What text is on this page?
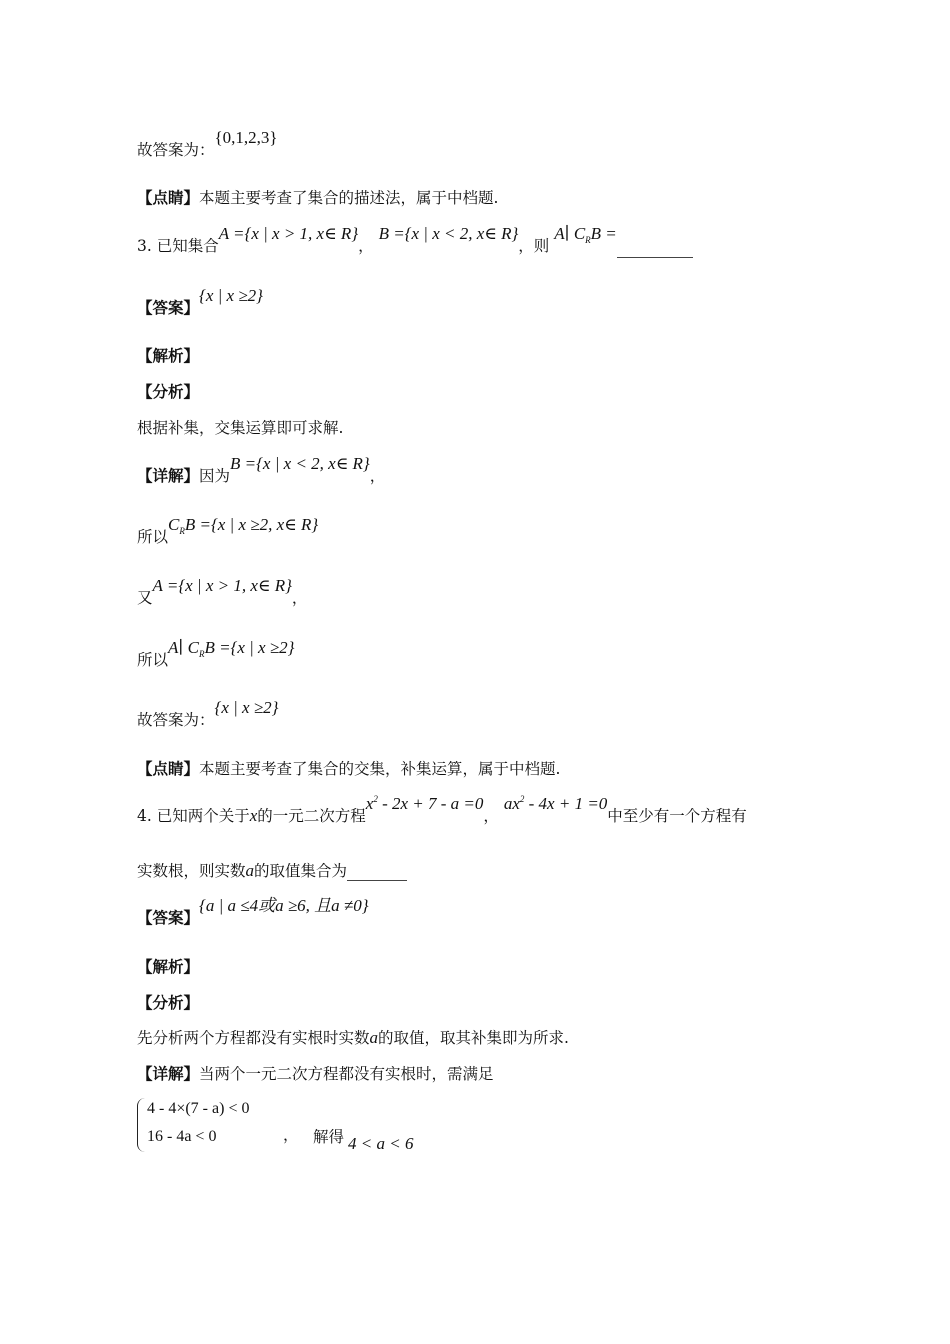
故答案为：{0,1,2,3}
【点睛】本题主要考查了集合的描述法，属于中档题.
3. 已知集合A ={x | x > 1, x∈ R}， B ={x | x < 2, x∈ R}，则 A∣ $C_RB$ =
【答案】{x | x ≥2}
【解析】
【分析】
根据补集，交集运算即可求解.
【详解】因为B ={x | x < 2, x∈ R}，
所以$C_RB =\{x$ | x ≥2, x∈ R}
又A ={x | x > 1, x∈ R}，
所以A∣ $C_RB =\{x$ | x ≥2}
故答案为：{x | x ≥2}
【点睛】本题主要考查了集合的交集，补集运算，属于中档题.
4. 已知两个关于x的一元二次方程$x^2 - 2x + 7 - a =0$， $ax^2 - 4x + 1 =0$中至少有一个方程有
实数根，则实数a的取值集合为
【答案】{a | a ≤4或a ≥6, 且a ≠0}
【解析】
【分析】
先分析两个方程都没有实根时实数a的取值，取其补集即为所求.
【详解】当两个一元二次方程都没有实根时，需满足
4 - 4×(7 - a) < 0
16 - 4a < 0	， 解得 4 < a < 6
